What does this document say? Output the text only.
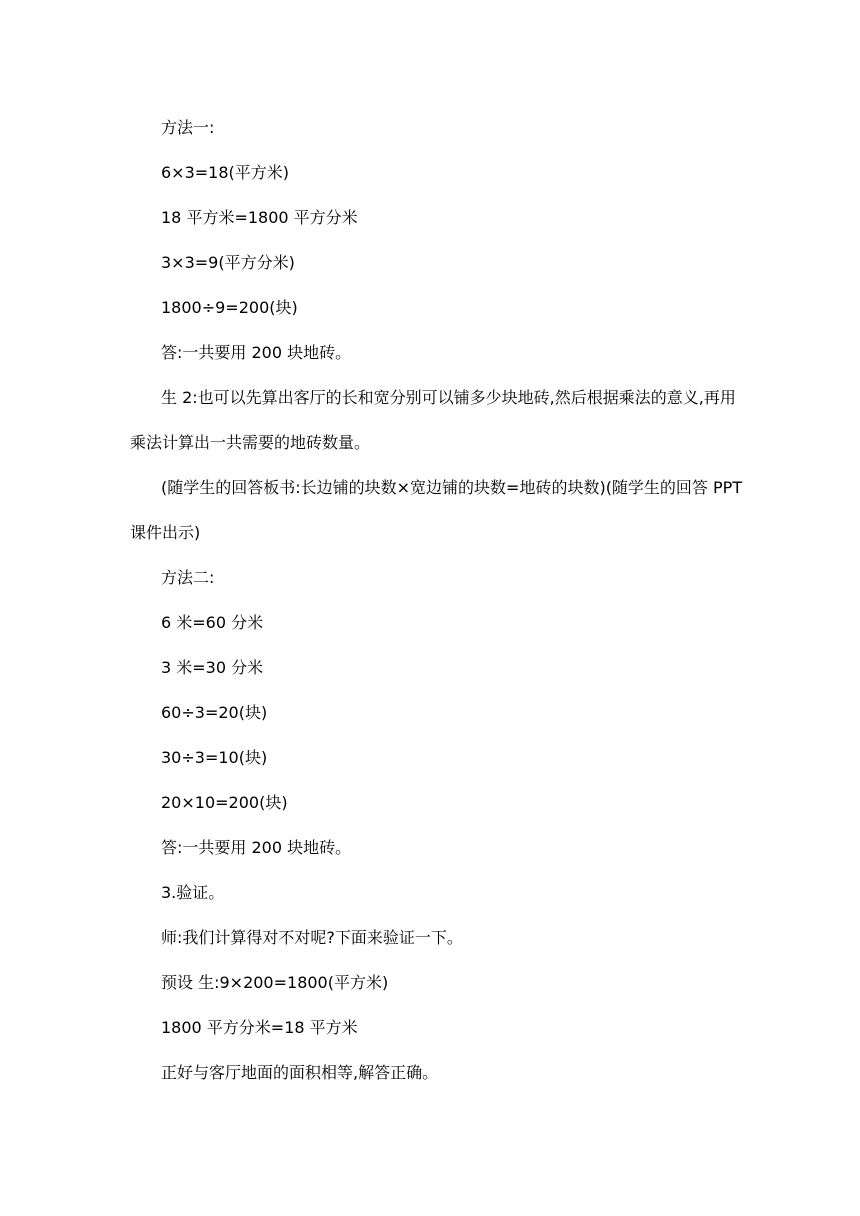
方法一:
6×3=18(平方米)
18 平方米=1800 平方分米
3×3=9(平方分米)
1800÷9=200(块)
答:一共要用 200 块地砖。
生 2:也可以先算出客厅的长和宽分别可以铺多少块地砖,然后根据乘法的意义,再用
乘法计算出一共需要的地砖数量。
(随学生的回答板书:长边铺的块数×宽边铺的块数=地砖的块数)(随学生的回答 PPT
课件出示)
方法二:
6 米=60 分米
3 米=30 分米
60÷3=20(块)
30÷3=10(块)
20×10=200(块)
答:一共要用 200 块地砖。
3.验证。
师:我们计算得对不对呢?下面来验证一下。
预设 生:9×200=1800(平方米)
1800 平方分米=18 平方米
正好与客厅地面的面积相等,解答正确。
